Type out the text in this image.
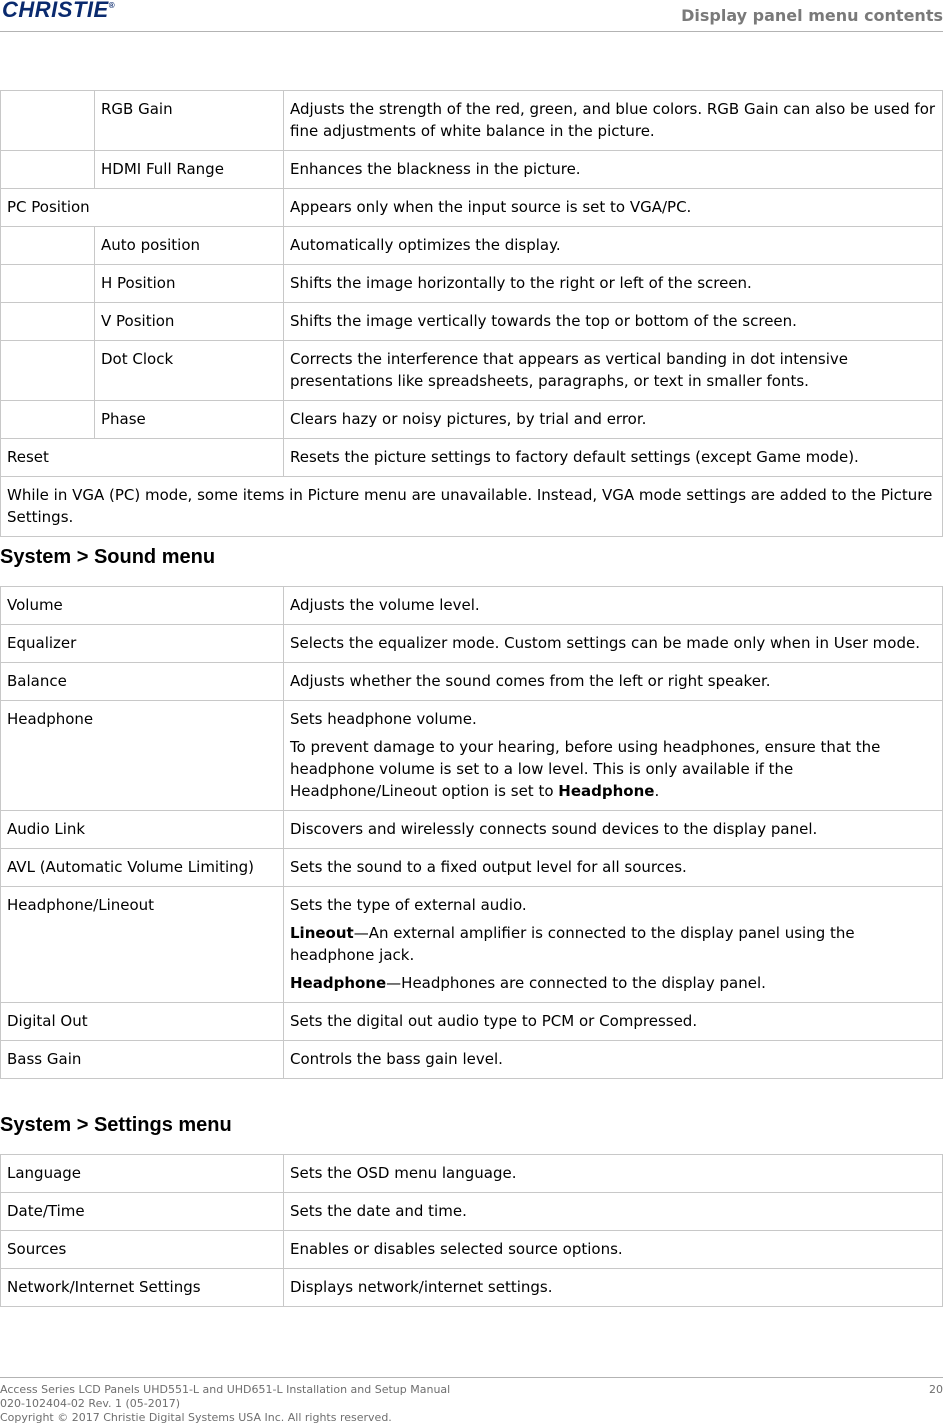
CHRISTIE®
Display panel menu contents
	RGB Gain	Adjusts the strength of the red, green, and blue colors. RGB Gain can also be used for fine adjustments of white balance in the picture.
	HDMI Full Range	Enhances the blackness in the picture.
PC Position		Appears only when the input source is set to VGA/PC.
	Auto position	Automatically optimizes the display.
	H Position	Shifts the image horizontally to the right or left of the screen.
	V Position	Shifts the image vertically towards the top or bottom of the screen.
	Dot Clock	Corrects the interference that appears as vertical banding in dot intensive presentations like spreadsheets, paragraphs, or text in smaller fonts.
	Phase	Clears hazy or noisy pictures, by trial and error.
Reset		Resets the picture settings to factory default settings (except Game mode).
While in VGA (PC) mode, some items in Picture menu are unavailable. Instead, VGA mode settings are added to the Picture Settings.		
System > Sound menu
Volume	Adjusts the volume level.
Equalizer	Selects the equalizer mode. Custom settings can be made only when in User mode.
Balance	Adjusts whether the sound comes from the left or right speaker.
Headphone	Sets headphone volume.

To prevent damage to your hearing, before using headphones, ensure that the headphone volume is set to a low level. This is only available if the Headphone/Lineout option is set to Headphone.

Audio Link	Discovers and wirelessly connects sound devices to the display panel.
AVL (Automatic Volume Limiting)	Sets the sound to a fixed output level for all sources.
Headphone/Lineout	Sets the type of external audio.

Lineout—An external amplifier is connected to the display panel using the headphone jack.

Headphone—Headphones are connected to the display panel.

Digital Out	Sets the digital out audio type to PCM or Compressed.
Bass Gain	Controls the bass gain level.
System > Settings menu
Language	Sets the OSD menu language.
Date/Time	Sets the date and time.
Sources	Enables or disables selected source options.
Network/Internet Settings	Displays network/internet settings.
Access Series LCD Panels UHD551-L and UHD651-L Installation and Setup Manual
020-102404-02 Rev. 1 (05-2017)
Copyright © 2017 Christie Digital Systems USA Inc. All rights reserved.
20
